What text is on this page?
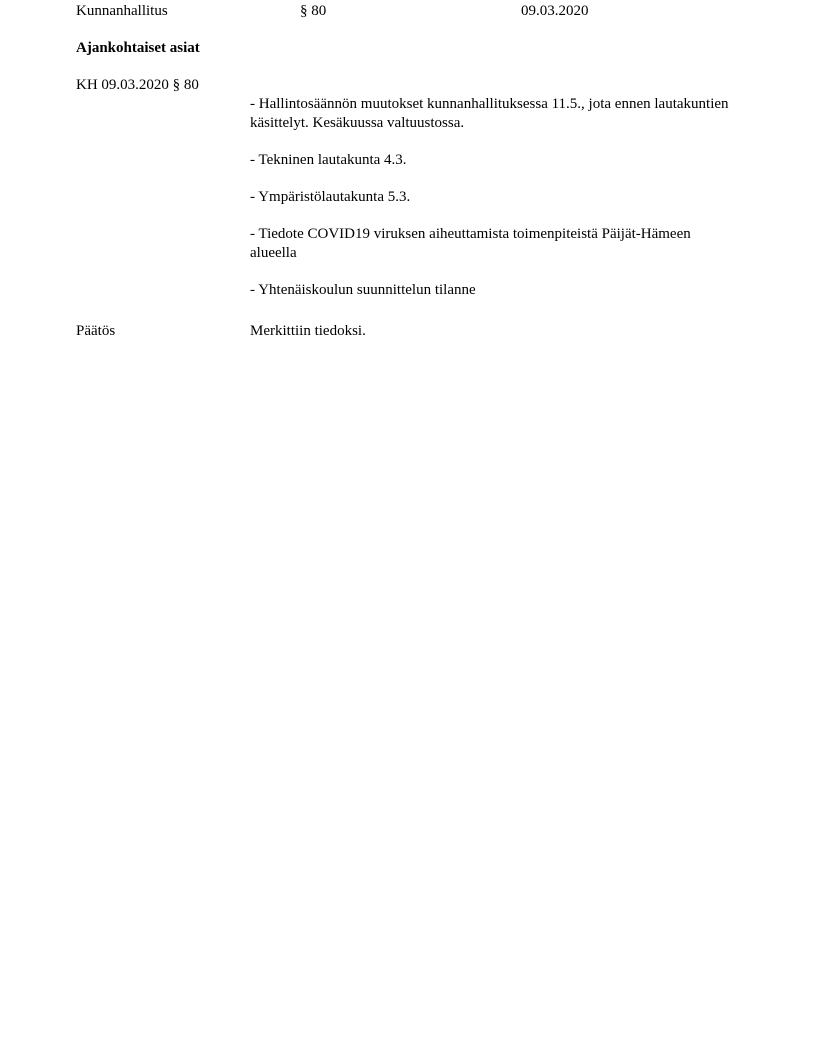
Kunnanhallitus	§ 80	09.03.2020
Ajankohtaiset asiat
KH 09.03.2020 § 80
- Hallintosäännön muutokset kunnanhallituksessa 11.5., jota ennen lautakuntien käsittelyt. Kesäkuussa valtuustossa.
- Tekninen lautakunta 4.3.
- Ympäristölautakunta 5.3.
- Tiedote COVID19 viruksen aiheuttamista toimenpiteistä Päijät-Hämeen alueella
- Yhtenäiskoulun suunnittelun tilanne
Päätös	Merkittiin tiedoksi.
